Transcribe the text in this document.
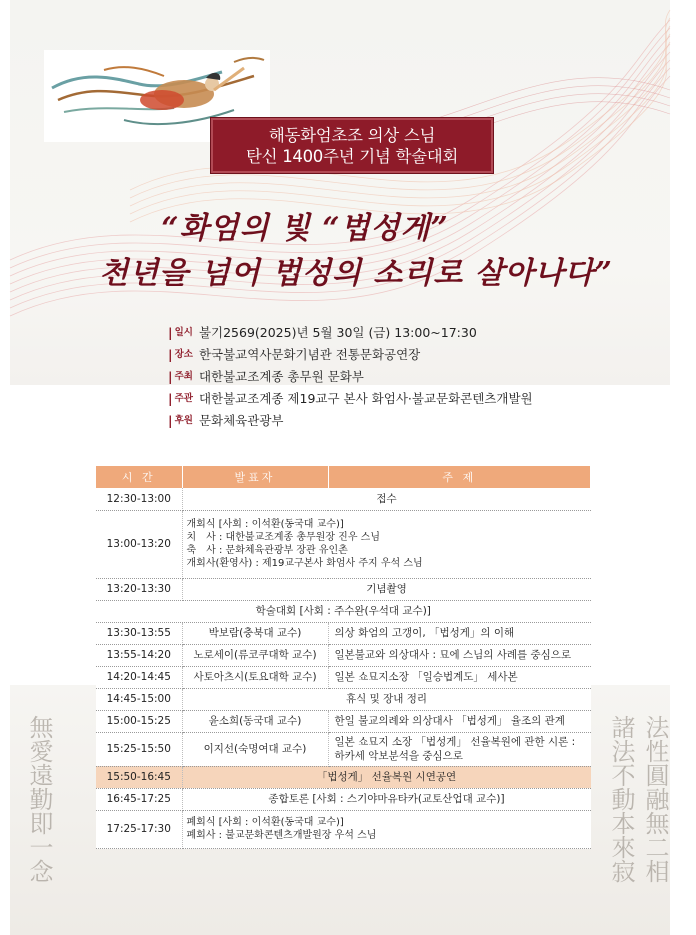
해동화엄초조 의상 스님
탄신 1400주년 기념 학술대회
“화엄의 빛 “법성게”
천년을 넘어 법성의 소리로 살아나다”
| 일시 불기2569(2025)년 5월 30일 (금) 13:00~17:30
| 장소 한국불교역사문화기념관 전통문화공연장
| 주최 대한불교조계종 총무원 문화부
| 주관 대한불교조계종 제19교구 본사 화엄사·불교문화콘텐츠개발원
| 후원 문화체육관광부
無愛遠勤即一念	諸法不動本來寂 法性圓融無二相
시 간	발표자	주 제
12:30-13:00	접수	
13:00-13:20	개회식 [사회 : 이석환(동국대 교수)]
치　사 : 대한불교조계종 총무원장 진우 스님
축　사 : 문화체육관광부 장관 유인촌
개회사(환영사) : 제19교구본사 화엄사 주지 우석 스님	

13:20-13:30	기념촬영	
학술대회 [사회 : 주수완(우석대 교수)]		
13:30-13:55	박보람(충북대 교수)	의상 화엄의 고갱이, 「법성게」의 이해
13:55-14:20	노로세이(류코쿠대학 교수)	일본불교와 의상대사 : 묘에 스님의 사례를 중심으로
14:20-14:45	사토아츠시(토요대학 교수)	일본 쇼묘지소장 「일승법계도」 세사본
14:45-15:00	휴식 및 장내 정리	
15:00-15:25	윤소희(동국대 교수)	한일 불교의례와 의상대사 「법성게」 율조의 관계
15:25-15:50	이지선(숙명여대 교수)	일본 쇼묘지 소장 「법성게」 선율복원에 관한 시론 :
하카세 악보분석을 중심으로

15:50-16:45	「법성게」 선율복원 시연공연	
16:45-17:25	종합토론 [사회 : 스기야마유타카(교토산업대 교수)]	
17:25-17:30	폐회식 [사회 : 이석환(동국대 교수)]
폐회사 : 불교문화콘텐츠개발원장 우석 스님	
